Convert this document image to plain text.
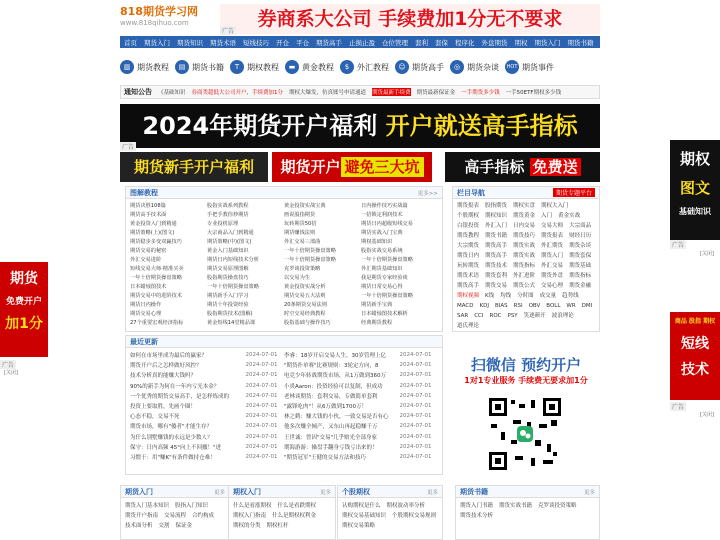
818期货学习网
www.818qihuo.com	券商系大公司 手续费加1分无不要求
广告
首页 期货入门 期货知识 期货术语 短线技巧 开仓 平仓 期货高手 止损止盈 仓位管理 套利 套保 程序化 外盘期货 期权 期货入门 期货书籍 软件
▥ 期货教程	▤ 期货书籍	T 期权教程	▬ 黄金教程	$ 外汇教程	☺ 期货高手	◎ 期货杂谈	HOT 期货事件
通知公告 《基础知识 券商类超低大公司开户，手续费加1分 期权大爆发，仿真账号申请通道 期货最新手续费 期货最新保证金 一手期货多少钱 一手50ETF期权多少钱
2024年期货开户福利 开户就送高手指标
广告
期货新手开户福利	期货开户 避免三大坑	高手指标 免费送
图解教程	更多>>
期货决胜108篇	股指实战系列教程	黄金投资实战宝典	日内操作技巧实战篇
期货高手技术面	手把手教你炒期货	画说股指期货	一招锁定利润技术
黄金投资入门到精通	专业投机原理	玩转期货50招	期货日内超级短线交易
期货策略(上)(图文)	大宗商品入门到精通	期货赚钱法则	期货实战入门宝典
期货稳步多变双赢技巧	期货策略(中)(图文)	外汇交易三部曲	期权基础知识
期货交易的秘密	黄金入门基础知识	一年十倍期货操盘策略	股指实战交易系统
外汇交易进阶	期货日内短线技术分析	一年十倍期货操盘策略	一年十倍期货操盘策略
短线交易大师·精准买卖	期货交易原理图解	克罗谈投资策略	外汇期货基础知识
一年十倍期货操盘策略	股指期货操盘技巧	以交易为生	我是期货专家经验谈
日本蜡烛图技术	一年十倍期货操盘策略	黄金投资实战分析	期货日常交易心得
期货交易中的进阶技术	期货新手入门学习	期货交易五大法则	一年十倍期货操盘策略
期货日内操作	期货十年投资经验	20条期货交易法则	期货新手宝典
期货交易心理	股指期货技术(图解)	时空交易经典教程	日本蜡烛图技术解析
27个重要宏观经济指标	黄金短线14堂精品课	股指基础与操作技巧	经典期货教程
最近更新
如何在市场里成为最后的赢家？	2024-07-01	李睿：18岁开启交易人生，30岁管理上亿	2024-07-01
期货开户后之怎样做好风控？	2024-07-01	"期货扑单赛"比赛规则：3轮定方向，8	2024-07-01
技术分析真的能赚大钱吗？	2024-07-01	电竞少年转战期货市场，从1万做到360万	2024-07-01
90%的新手为何在一年内亏光本金？	2024-07-01	小炎Aaron：投资经验可以复制，但成功	2024-07-01
一个优秀的期货交易高手，是怎样炼成的	2024-07-01	老林谈期货：套利交易，专做简单套利	2024-07-01
投资上要取胜，先画个圈！	2024-07-01	"露锋吃肉"！从6万做到1700万！	2024-07-01
心态不稳，交易不死	2024-07-01	林之鹤：赚大钱的小伙，一致交易是否有心	2024-07-01
期货市场，哪有"傻者"才能生存？	2024-07-01	他多次赚全倾产，又东山再起稳赚千万	2024-07-01
为什么别墅赚钱的永远是少数人？	2024-07-01	王世诚：曾因"交易"几乎赔光全部身家	2024-07-01
保守：日内高频 45°向上不回撤！"进	2024-07-01	期海游游：操盘手翻身亏钱亏出来的！	2024-07-01
习惯于：用"赚K"有条件做持仓难！	2024-07-01	"期货冠军"王健的交易方法和技巧	2024-07-01
栏目导航	期货专题平台
期货报表 股指期货 期权实盘 期权大入门
个股期权 期权知识 期货黄金 入门 黄金实战
白银投资 外汇入门 日内交易 交易大师 大宗商品
期货教程 期货书籍 期货技巧 期货报表 财经日历
大宗期货 期货高手 期货实战 外汇期货 期货杂谈
期货日内 期货高手 期货实战 期货入门 期货套保
玩转期货 期货技术 期货指标 外汇交易 期货基础
期货术语 期货套利 外汇进阶 期货外盘 期货指标
期货高手 期货交易 期货公式 交易心理 期货金融
期权视频 K线 均线 分时图 成交量 趋势线
MACD KDJ BIAS RSI OBV BOLL WR DMI
SAR CCI ROC PSY 笑逐颜开 波浪理论
道氏理论
扫微信 预约开户
1对1专业服务 手续费无要求加1分
期货入门	更多
期货入门基本知识 股指入门知识
期货开户指南 交易流程 合约构成
技术面分析 交割 保证金
期权入门	更多
什么是看涨期权 什么是看跌期权
期权入门指南 什么是期权权利金
期权的分类 期权杠杆
个股期权	更多
认购期权是什么 期权波动率分析
期权交易基础知识 个股期权交易规则
期权交易策略
期货书籍	更多
期货入门书籍 期货实战书籍 克罗谈投资策略
期货技术分析
期货
免费开户
加1分
广告
[关闭]
期权
图文
基础知识
广告
[关闭]
商品 股指 期权
短线
技术
广告
[关闭]
